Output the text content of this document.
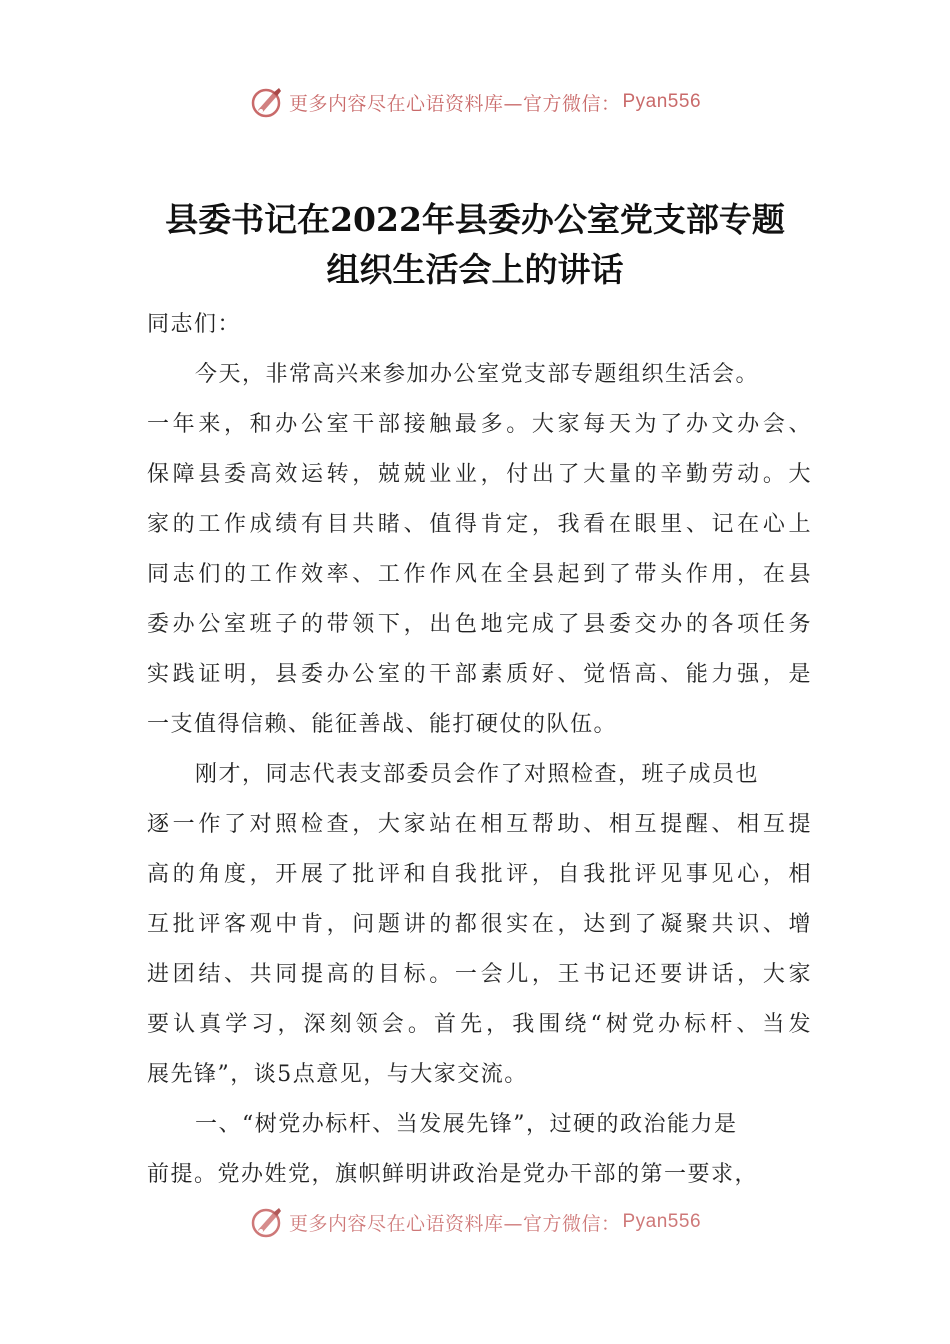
更多内容尽在心语资料库—官方微信： Pyan556
县委书记在2022年县委办公室党支部专题
组织生活会上的讲话
同志们：
今天，非常高兴来参加办公室党支部专题组织生活会。
一年来，和办公室干部接触最多。大家每天为了办文办会、
保障县委高效运转，兢兢业业，付出了大量的辛勤劳动。大
家的工作成绩有目共睹、值得肯定，我看在眼里、记在心上
同志们的工作效率、工作作风在全县起到了带头作用，在县
委办公室班子的带领下，出色地完成了县委交办的各项任务
实践证明，县委办公室的干部素质好、觉悟高、能力强，是
一支值得信赖、能征善战、能打硬仗的队伍。
刚才，同志代表支部委员会作了对照检查，班子成员也
逐一作了对照检查，大家站在相互帮助、相互提醒、相互提
高的角度，开展了批评和自我批评，自我批评见事见心，相
互批评客观中肯，问题讲的都很实在，达到了凝聚共识、增
进团结、共同提高的目标。一会儿，王书记还要讲话，大家
要认真学习，深刻领会。首先，我围绕“树党办标杆、当发
展先锋”，谈5点意见，与大家交流。
一、“树党办标杆、当发展先锋”，过硬的政治能力是
前提。党办姓党，旗帜鲜明讲政治是党办干部的第一要求，
更多内容尽在心语资料库—官方微信： Pyan556
